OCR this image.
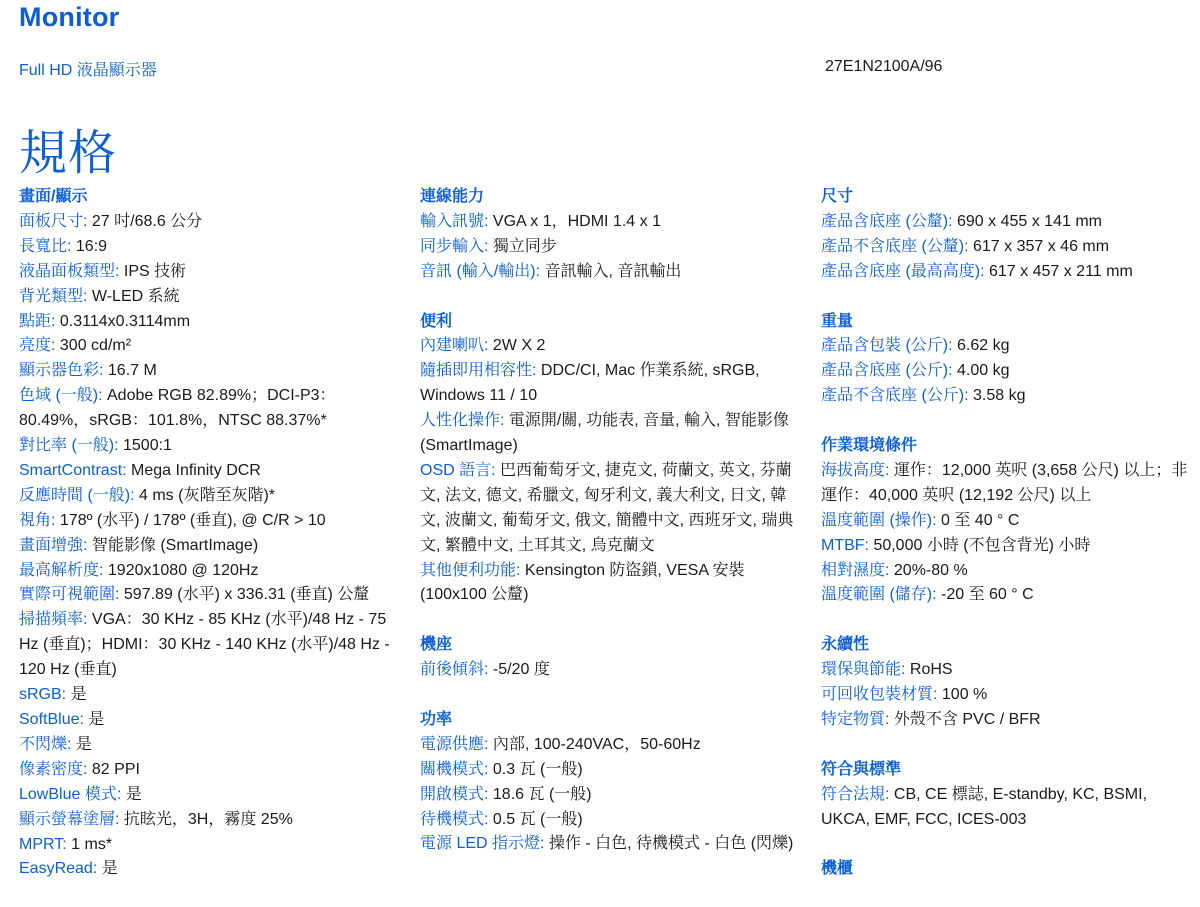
Monitor
Full HD 液晶顯示器	27E1N2100A/96
規格
畫面/顯示
面板尺寸: 27 吋/68.6 公分
長寬比: 16:9
液晶面板類型: IPS 技術
背光類型: W-LED 系統
點距: 0.3114x0.3114mm
亮度: 300 cd/m²
顯示器色彩: 16.7 M
色域 (一般): Adobe RGB 82.89%；DCI-P3：80.49%，sRGB：101.8%，NTSC 88.37%*
對比率 (一般): 1500:1
SmartContrast: Mega Infinity DCR
反應時間 (一般): 4 ms (灰階至灰階)*
視角: 178º (水平) / 178º (垂直), @ C/R > 10
畫面增強: 智能影像 (SmartImage)
最高解析度: 1920x1080 @ 120Hz
實際可視範圍: 597.89 (水平) x 336.31 (垂直) 公釐
掃描頻率: VGA：30 KHz - 85 KHz (水平)/48 Hz - 75 Hz (垂直)；HDMI：30 KHz - 140 KHz (水平)/48 Hz - 120 Hz (垂直)
sRGB: 是
SoftBlue: 是
不閃爍: 是
像素密度: 82 PPI
LowBlue 模式: 是
顯示螢幕塗層: 抗眩光，3H，霧度 25%
MPRT: 1 ms*
EasyRead: 是
連線能力
輸入訊號: VGA x 1，HDMI 1.4 x 1
同步輸入: 獨立同步
音訊 (輸入/輸出): 音訊輸入, 音訊輸出
便利
內建喇叭: 2W X 2
隨插即用相容性: DDC/CI, Mac 作業系統, sRGB, Windows 11 / 10
人性化操作: 電源開/關, 功能表, 音量, 輸入, 智能影像 (SmartImage)
OSD 語言: 巴西葡萄牙文, 捷克文, 荷蘭文, 英文, 芬蘭文, 法文, 德文, 希臘文, 匈牙利文, 義大利文, 日文, 韓文, 波蘭文, 葡萄牙文, 俄文, 簡體中文, 西班牙文, 瑞典文, 繁體中文, 土耳其文, 烏克蘭文
其他便利功能: Kensington 防盜鎖, VESA 安裝 (100x100 公釐)
機座
前後傾斜: -5/20 度
功率
電源供應: 內部, 100-240VAC，50-60Hz
關機模式: 0.3 瓦 (一般)
開啟模式: 18.6 瓦 (一般)
待機模式: 0.5 瓦 (一般)
電源 LED 指示燈: 操作 - 白色, 待機模式 - 白色 (閃爍)
尺寸
產品含底座 (公釐): 690 x 455 x 141 mm
產品不含底座 (公釐): 617 x 357 x 46 mm
產品含底座 (最高高度): 617 x 457 x 211 mm
重量
產品含包裝 (公斤): 6.62 kg
產品含底座 (公斤): 4.00 kg
產品不含底座 (公斤): 3.58 kg
作業環境條件
海拔高度: 運作：12,000 英呎 (3,658 公尺) 以上；非運作：40,000 英呎 (12,192 公尺) 以上
溫度範圍 (操作): 0 至 40 ° C
MTBF: 50,000 小時 (不包含背光) 小時
相對濕度: 20%-80 %
溫度範圍 (儲存): -20 至 60 ° C
永續性
環保與節能: RoHS
可回收包裝材質: 100 %
特定物質: 外殼不含 PVC / BFR
符合與標準
符合法規: CB, CE 標誌, E-standby, KC, BSMI, UKCA, EMF, FCC, ICES-003
機櫃
